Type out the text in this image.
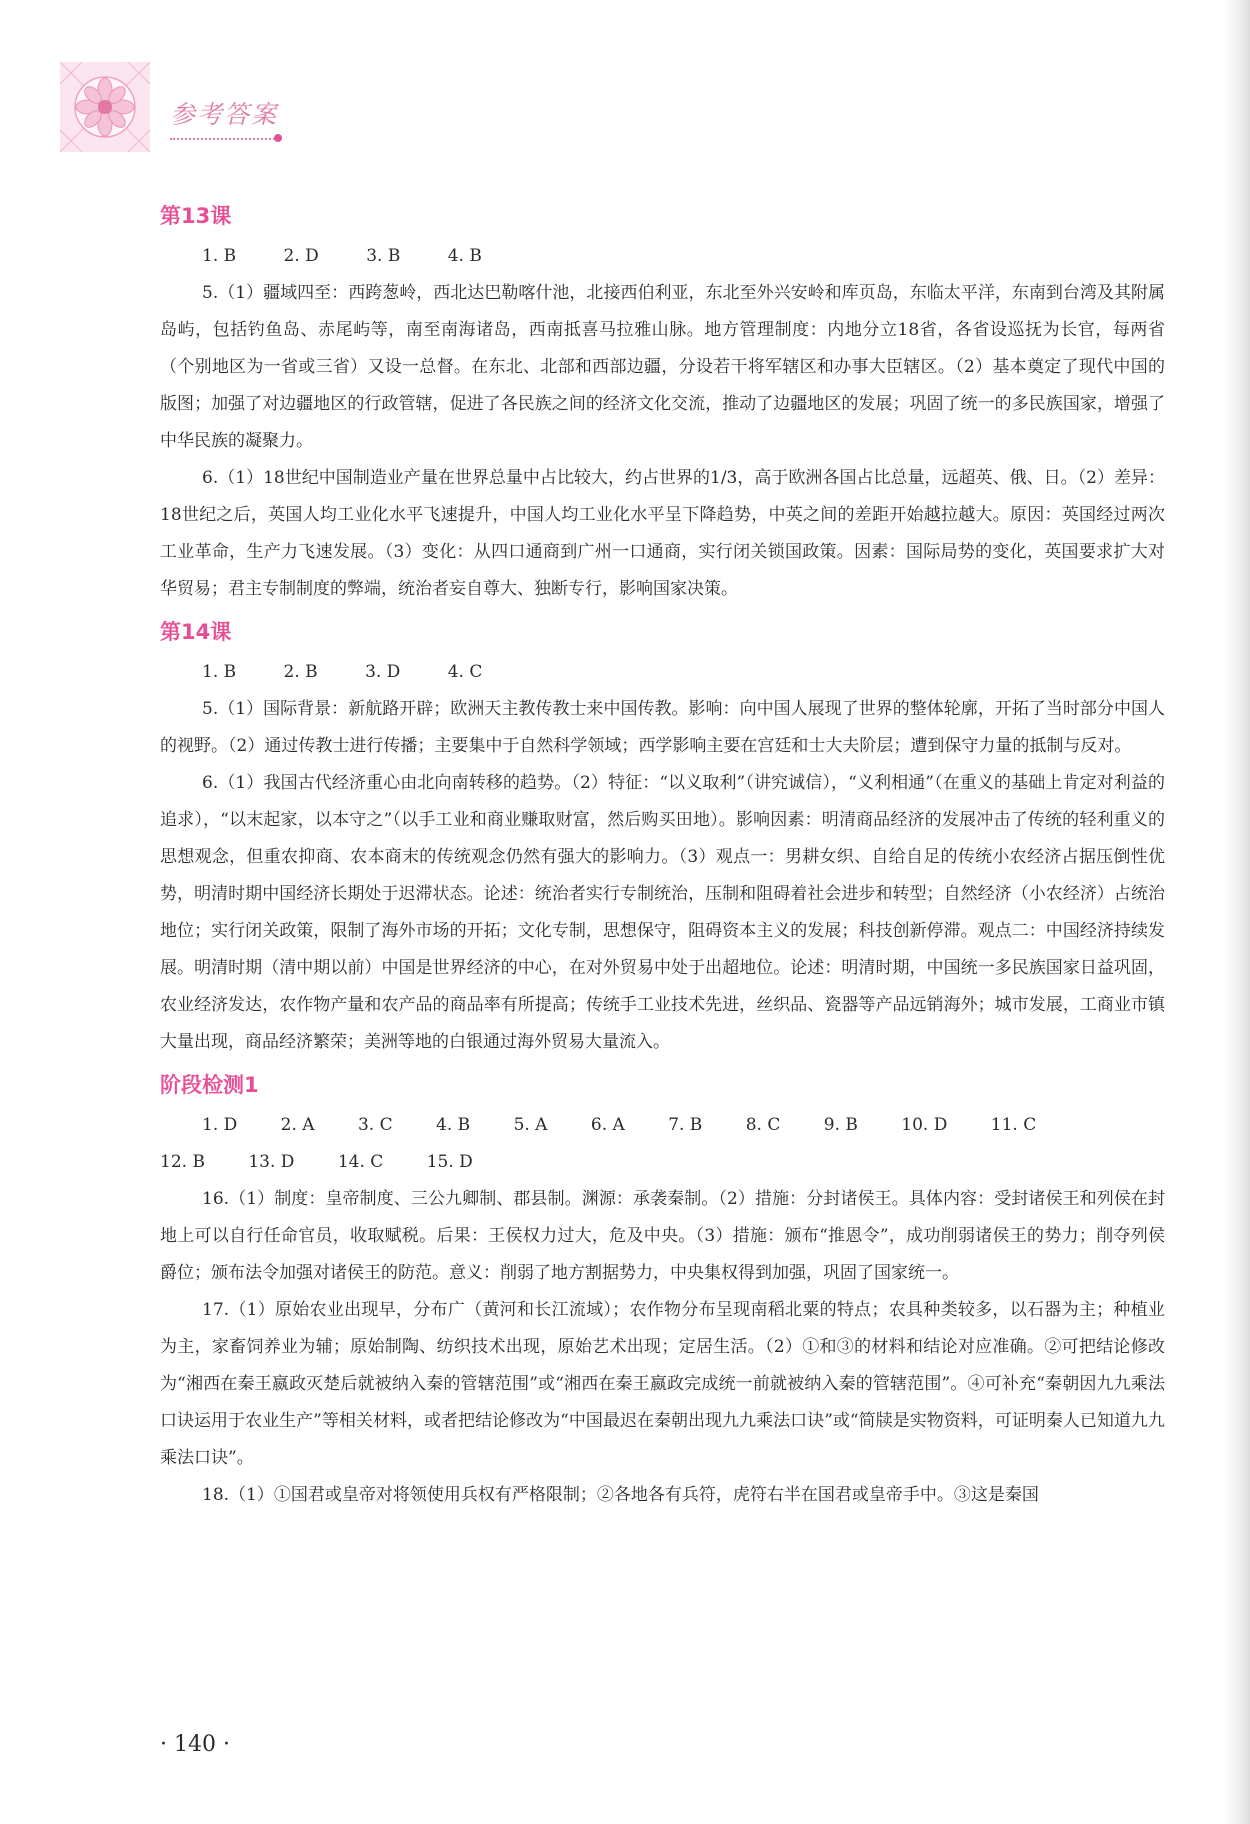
参考答案
第13课
1. B	2. D	3. B	4. B

5.（1）疆域四至：西跨葱岭，西北达巴勒喀什池，北接西伯利亚，东北至外兴安岭和库页岛，东临太平洋，东南到台湾及其附属岛屿，包括钓鱼岛、赤尾屿等，南至南海诸岛，西南抵喜马拉雅山脉。地方管理制度：内地分立18省，各省设巡抚为长官，每两省（个别地区为一省或三省）又设一总督。在东北、北部和西部边疆，分设若干将军辖区和办事大臣辖区。（2）基本奠定了现代中国的版图；加强了对边疆地区的行政管辖，促进了各民族之间的经济文化交流，推动了边疆地区的发展；巩固了统一的多民族国家，增强了中华民族的凝聚力。

6.（1）18世纪中国制造业产量在世界总量中占比较大，约占世界的1/3，高于欧洲各国占比总量，远超英、俄、日。（2）差异：18世纪之后，英国人均工业化水平飞速提升，中国人均工业化水平呈下降趋势，中英之间的差距开始越拉越大。原因：英国经过两次工业革命，生产力飞速发展。（3）变化：从四口通商到广州一口通商，实行闭关锁国政策。因素：国际局势的变化，英国要求扩大对华贸易；君主专制制度的弊端，统治者妄自尊大、独断专行，影响国家决策。

第14课
1. B	2. B	3. D	4. C

5.（1）国际背景：新航路开辟；欧洲天主教传教士来中国传教。影响：向中国人展现了世界的整体轮廓，开拓了当时部分中国人的视野。（2）通过传教士进行传播；主要集中于自然科学领域；西学影响主要在宫廷和士大夫阶层；遭到保守力量的抵制与反对。

6.（1）我国古代经济重心由北向南转移的趋势。（2）特征：“以义取利”（讲究诚信），“义利相通”（在重义的基础上肯定对利益的追求），“以末起家，以本守之”（以手工业和商业赚取财富，然后购买田地）。影响因素：明清商品经济的发展冲击了传统的轻利重义的思想观念，但重农抑商、农本商末的传统观念仍然有强大的影响力。（3）观点一：男耕女织、自给自足的传统小农经济占据压倒性优势，明清时期中国经济长期处于迟滞状态。论述：统治者实行专制统治，压制和阻碍着社会进步和转型；自然经济（小农经济）占统治地位；实行闭关政策，限制了海外市场的开拓；文化专制，思想保守，阻碍资本主义的发展；科技创新停滞。观点二：中国经济持续发展。明清时期（清中期以前）中国是世界经济的中心，在对外贸易中处于出超地位。论述：明清时期，中国统一多民族国家日益巩固，农业经济发达，农作物产量和农产品的商品率有所提高；传统手工业技术先进，丝织品、瓷器等产品远销海外；城市发展，工商业市镇大量出现，商品经济繁荣；美洲等地的白银通过海外贸易大量流入。

阶段检测1
1. D	2. A	3. C	4. B	5. A	6. A	7. B	8. C	9. B	10. D	11. C
12. B	13. D	14. C	15. D

16.（1）制度：皇帝制度、三公九卿制、郡县制。渊源：承袭秦制。（2）措施：分封诸侯王。具体内容：受封诸侯王和列侯在封地上可以自行任命官员，收取赋税。后果：王侯权力过大，危及中央。（3）措施：颁布“推恩令”，成功削弱诸侯王的势力；削夺列侯爵位；颁布法令加强对诸侯王的防范。意义：削弱了地方割据势力，中央集权得到加强，巩固了国家统一。

17.（1）原始农业出现早，分布广（黄河和长江流域）；农作物分布呈现南稻北粟的特点；农具种类较多，以石器为主；种植业为主，家畜饲养业为辅；原始制陶、纺织技术出现，原始艺术出现；定居生活。（2）①和③的材料和结论对应准确。②可把结论修改为“湘西在秦王嬴政灭楚后就被纳入秦的管辖范围”或“湘西在秦王嬴政完成统一前就被纳入秦的管辖范围”。④可补充“秦朝因九九乘法口诀运用于农业生产”等相关材料，或者把结论修改为“中国最迟在秦朝出现九九乘法口诀”或“简牍是实物资料，可证明秦人已知道九九乘法口诀”。

18.（1）①国君或皇帝对将领使用兵权有严格限制；②各地各有兵符，虎符右半在国君或皇帝手中。③这是秦国

· 140 ·
